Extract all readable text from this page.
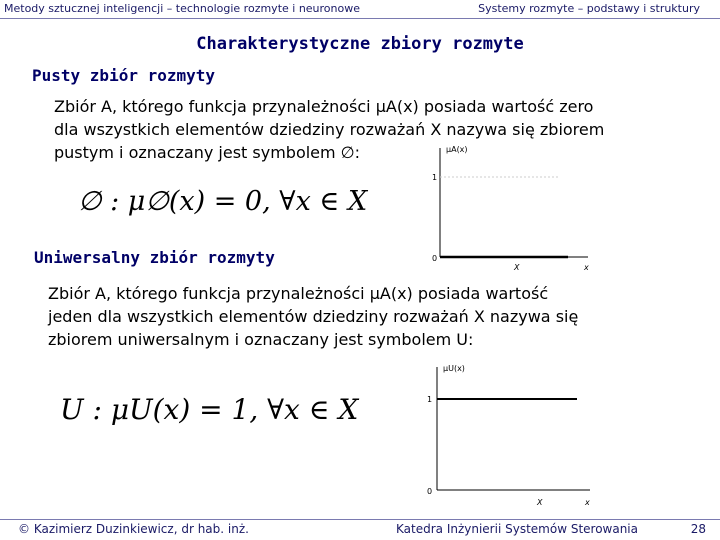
Metody sztucznej inteligencji – technologie rozmyte i neuronowe	Systemy rozmyte – podstawy i struktury
Charakterystyczne zbiory rozmyte
Pusty zbiór rozmyty
Zbiór A, którego funkcja przynależności μA(x) posiada wartość zero
dla wszystkich elementów dziedziny rozważań X nazywa się zbiorem
pustym i oznaczany jest symbolem ∅:
∅ : μ∅(x) = 0, ∀x ∈ X
μA(x)
1
0
X	x
Uniwersalny zbiór rozmyty
Zbiór A, którego funkcja przynależności μA(x) posiada wartość
jeden dla wszystkich elementów dziedziny rozważań X nazywa się
zbiorem uniwersalnym i oznaczany jest symbolem U:
U : μU(x) = 1, ∀x ∈ X
μU(x)
1
0
X	x
© Kazimierz Duzinkiewicz, dr hab. inż.	Katedra Inżynierii Systemów Sterowania	28
